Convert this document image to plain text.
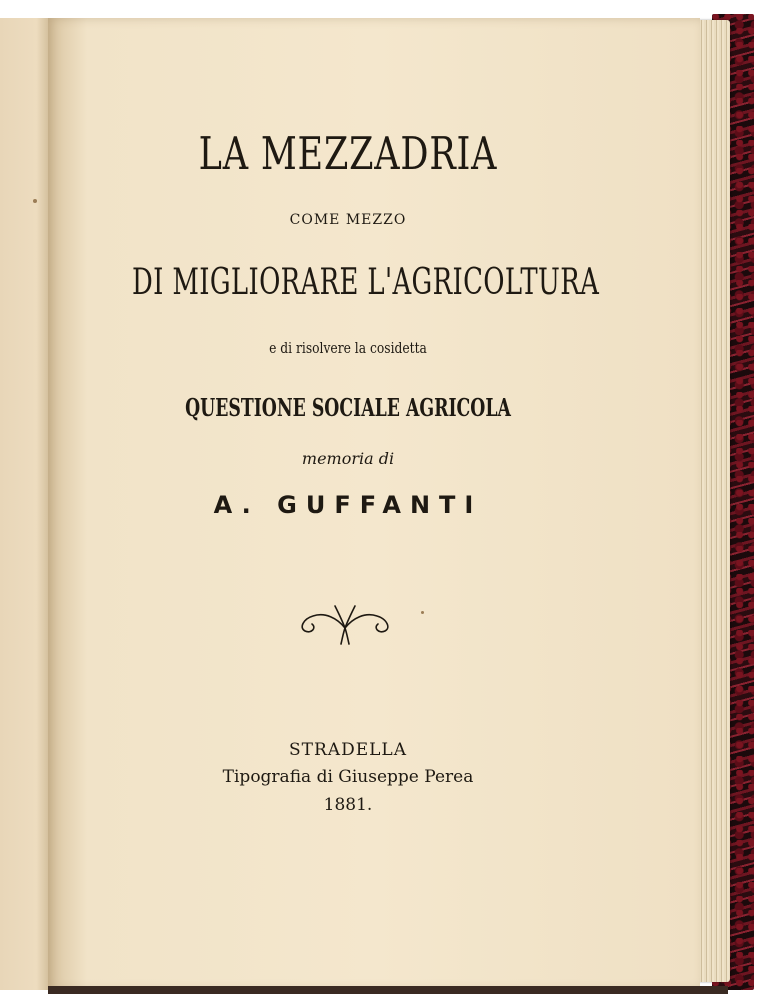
LA MEZZADRIA
COME MEZZO
DI MIGLIORARE L'AGRICOLTURA
e di risolvere la cosidetta
QUESTIONE SOCIALE AGRICOLA
memoria di
A. GUFFANTI
STRADELLA
Tipografia di Giuseppe Perea
1881.
